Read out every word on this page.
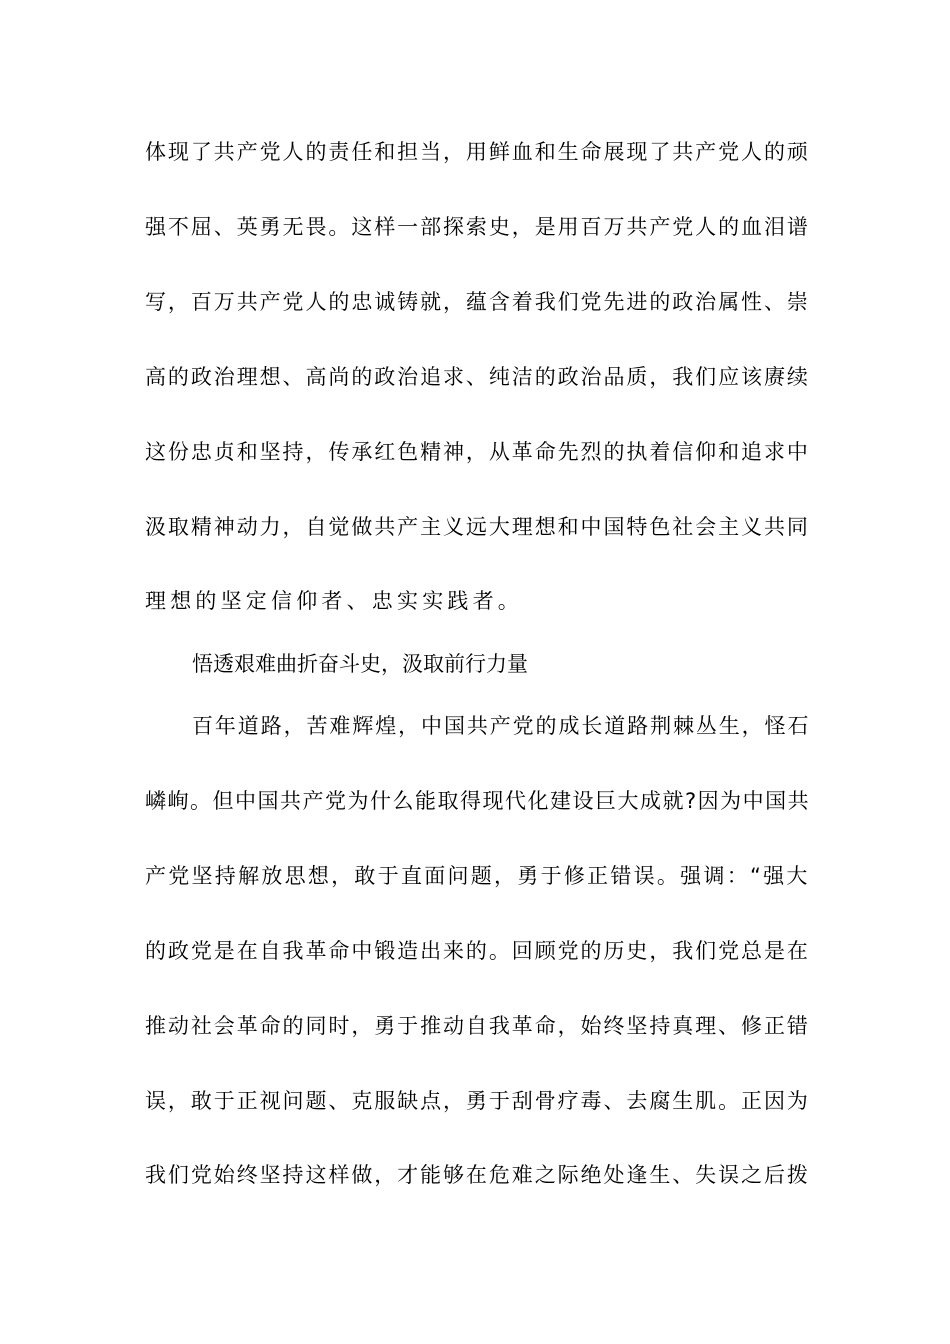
体现了共产党人的责任和担当，用鲜血和生命展现了共产党人的顽
强不屈、英勇无畏。这样一部探索史，是用百万共产党人的血泪谱
写，百万共产党人的忠诚铸就，蕴含着我们党先进的政治属性、崇
高的政治理想、高尚的政治追求、纯洁的政治品质，我们应该赓续
这份忠贞和坚持，传承红色精神，从革命先烈的执着信仰和追求中
汲取精神动力，自觉做共产主义远大理想和中国特色社会主义共同
理想的坚定信仰者、忠实实践者。
悟透艰难曲折奋斗史，汲取前行力量
百年道路，苦难辉煌，中国共产党的成长道路荆棘丛生，怪石
嶙峋。但中国共产党为什么能取得现代化建设巨大成就?因为中国共
产党坚持解放思想，敢于直面问题，勇于修正错误。强调：“强大
的政党是在自我革命中锻造出来的。回顾党的历史，我们党总是在
推动社会革命的同时，勇于推动自我革命，始终坚持真理、修正错
误，敢于正视问题、克服缺点，勇于刮骨疗毒、去腐生肌。正因为
我们党始终坚持这样做，才能够在危难之际绝处逢生、失误之后拨
